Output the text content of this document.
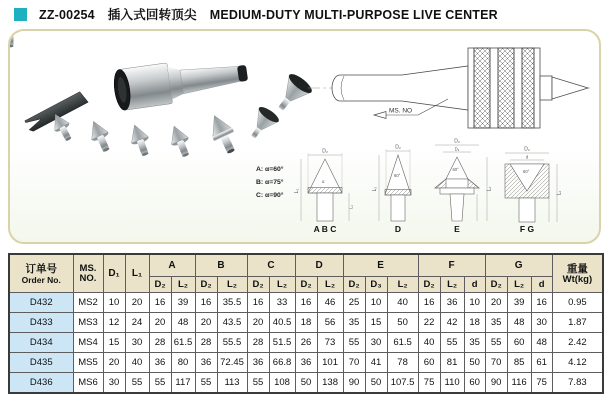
ZZ-00254 插入式回转顶尖 MEDIUM-DUTY MULTI-PURPOSE LIVE CENTER
A: α=60°
B: α=75°
C: α=90°
MS. NO
D₂
α
L₂
L₁
A B C
D₂
60°
L₂
D
D₂
D₃
60°
L₂
E
D₂
d
60°
L₂
F G
订单号
Order No.	MS.
NO.	D₁	L₁	A		B		C		D		E			F			G			重量
Wt(kg)

				D₂	L₂	D₂	L₂	D₂	L₂	D₂	L₂	D₂	D₃	L₂	D₂	L₂	d	D₂	L₂	d	
D432	MS2	10	20	16	39	16	35.5	16	33	16	46	25	10	40	16	36	10	20	39	16	0.95
D433	MS3	12	24	20	48	20	43.5	20	40.5	18	56	35	15	50	22	42	18	35	48	30	1.87
D434	MS4	15	30	28	61.5	28	55.5	28	51.5	26	73	55	30	61.5	40	55	35	55	60	48	2.42
D435	MS5	20	40	36	80	36	72.45	36	66.8	36	101	70	41	78	60	81	50	70	85	61	4.12
D436	MS6	30	55	55	117	55	113	55	108	50	138	90	50	107.5	75	110	60	90	116	75	7.83
